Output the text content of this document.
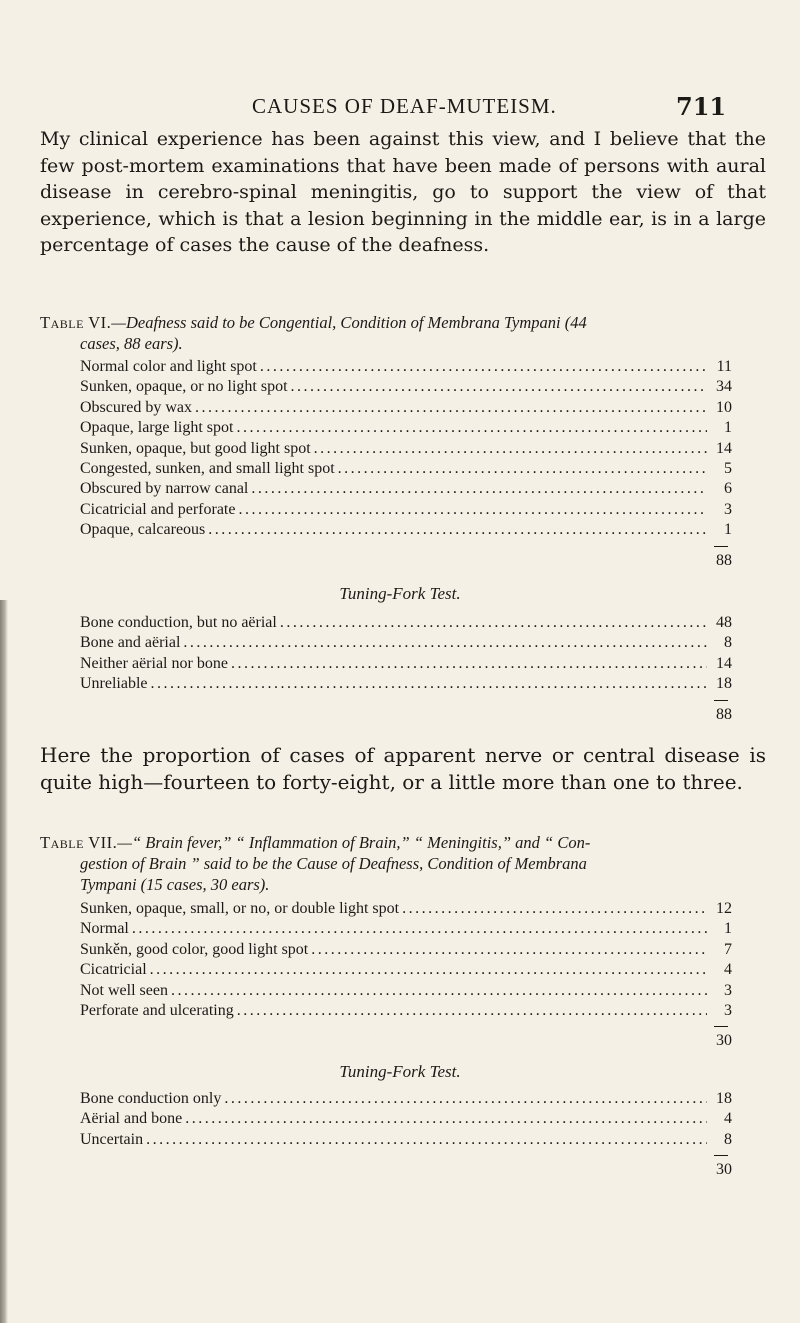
CAUSES OF DEAF-MUTEISM.	711

My clinical experience has been against this view, and I believe that the few post-mortem examinations that have been made of persons with aural disease in cerebro-spinal meningitis, go to support the view of that experience, which is that a lesion beginning in the middle ear, is in a large percentage of cases the cause of the deafness.

Table VI.—Deafness said to be Congential, Condition of Membrana Tympani (44
cases, 88 ears).
Normal color and light spot .....	11
Sunken, opaque, or no light spot .....	34
Obscured by wax .....	10
Opaque, large light spot .....	1
Sunken, opaque, but good light spot .....	14
Congested, sunken, and small light spot .....	5
Obscured by narrow canal .....	6
Cicatricial and perforate .....	3
Opaque, calcareous .....	1
88
Tuning-Fork Test.
Bone conduction, but no aërial .....	48
Bone and aërial .....	8
Neither aërial nor bone .....	14
Unreliable .....	18
88

Here the proportion of cases of apparent nerve or central disease is quite high—fourteen to forty-eight, or a little more than one to three.

Table VII.—“ Brain fever,” “ Inflammation of Brain,” “ Meningitis,” and “ Con-
gestion of Brain ” said to be the Cause of Deafness, Condition of Membrana
Tympani (15 cases, 30 ears).
Sunken, opaque, small, or no, or double light spot .....	12
Normal .....	1
Sunkěn, good color, good light spot .....	7
Cicatricial .....	4
Not well seen .....	3
Perforate and ulcerating .....	3
30
Tuning-Fork Test.
Bone conduction only .....	18
Aërial and bone .....	4
Uncertain .....	8
30
